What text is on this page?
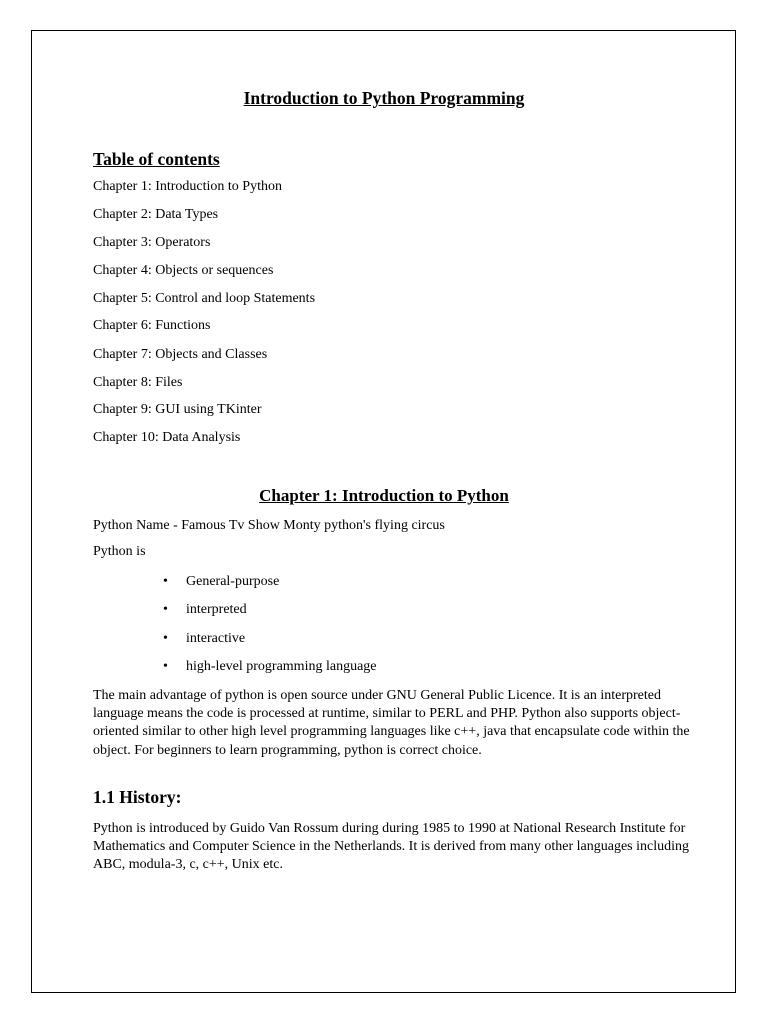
Introduction to Python Programming
Table of contents
Chapter 1: Introduction to Python
Chapter 2: Data Types
Chapter 3: Operators
Chapter 4: Objects or sequences
Chapter 5: Control and loop Statements
Chapter 6: Functions
Chapter 7: Objects and Classes
Chapter 8: Files
Chapter 9: GUI using TKinter
Chapter 10: Data Analysis
Chapter 1: Introduction to Python
Python Name - Famous Tv Show Monty python's flying circus
Python is
• General-purpose
• interpreted
• interactive
• high-level programming language

The main advantage of python is open source under GNU General Public Licence. It is an interpreted language means the code is processed at runtime, similar to PERL and PHP. Python also supports object-oriented similar to other high level programming languages like c++, java that encapsulate code within the object. For beginners to learn programming, python is correct choice.

1.1 History:

Python is introduced by Guido Van Rossum during during 1985 to 1990 at National Research Institute for Mathematics and Computer Science in the Netherlands. It is derived from many other languages including ABC, modula-3, c, c++, Unix etc.
